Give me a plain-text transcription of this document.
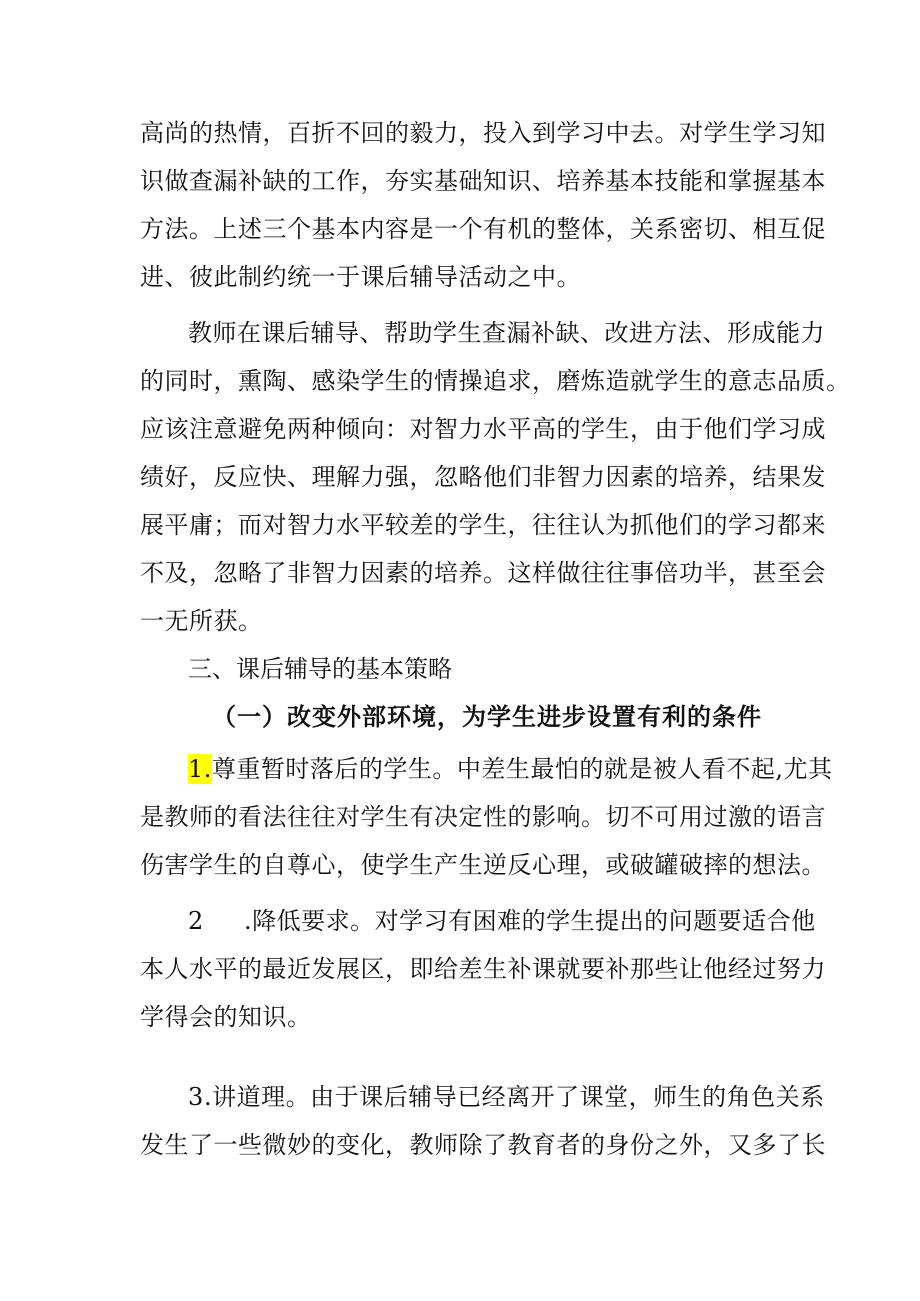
高尚的热情，百折不回的毅力，投入到学习中去。对学生学习知
识做查漏补缺的工作，夯实基础知识、培养基本技能和掌握基本
方法。上述三个基本内容是一个有机的整体，关系密切、相互促
进、彼此制约统一于课后辅导活动之中。
教师在课后辅导、帮助学生查漏补缺、改进方法、形成能力
的同时，熏陶、感染学生的情操追求，磨炼造就学生的意志品质。
应该注意避免两种倾向：对智力水平高的学生，由于他们学习成
绩好，反应快、理解力强，忽略他们非智力因素的培养，结果发
展平庸；而对智力水平较差的学生，往往认为抓他们的学习都来
不及，忽略了非智力因素的培养。这样做往往事倍功半，甚至会
一无所获。
三、课后辅导的基本策略
（一）改变外部环境，为学生进步设置有利的条件
1.尊重暂时落后的学生。中差生最怕的就是被人看不起,尤其
是教师的看法往往对学生有决定性的影响。切不可用过激的语言
伤害学生的自尊心，使学生产生逆反心理，或破罐破摔的想法。
2 .降低要求。对学习有困难的学生提出的问题要适合他
本人水平的最近发展区，即给差生补课就要补那些让他经过努力
学得会的知识。
3.讲道理。由于课后辅导已经离开了课堂，师生的角色关系
发生了一些微妙的变化，教师除了教育者的身份之外，又多了长
